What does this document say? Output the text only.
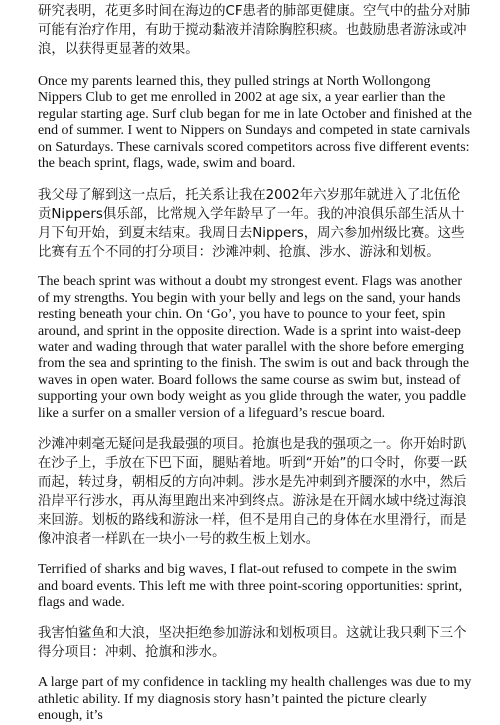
研究表明，花更多时间在海边的CF患者的肺部更健康。空气中的盐分对肺可能有治疗作用，有助于搅动黏液并清除胸腔积痰。也鼓励患者游泳或冲浪，以获得更显著的效果。

Once my parents learned this, they pulled strings at North Wollongong Nippers Club to get me enrolled in 2002 at age six, a year earlier than the regular starting age. Surf club began for me in late October and finished at the end of summer. I went to Nippers on Sundays and competed in state carnivals on Saturdays. These carnivals scored competitors across five different events: the beach sprint, flags, wade, swim and board.

我父母了解到这一点后，托关系让我在2002年六岁那年就进入了北伍伦贡Nippers俱乐部，比常规入学年龄早了一年。我的冲浪俱乐部生活从十月下旬开始，到夏末结束。我周日去Nippers，周六参加州级比赛。这些比赛有五个不同的打分项目：沙滩冲刺、抢旗、涉水、游泳和划板。

The beach sprint was without a doubt my strongest event. Flags was another of my strengths. You begin with your belly and legs on the sand, your hands resting beneath your chin. On ‘Go’, you have to pounce to your feet, spin around, and sprint in the opposite direction. Wade is a sprint into waist-deep water and wading through that water parallel with the shore before emerging from the sea and sprinting to the finish. The swim is out and back through the waves in open water. Board follows the same course as swim but, instead of supporting your own body weight as you glide through the water, you paddle like a surfer on a smaller version of a lifeguard’s rescue board.

沙滩冲刺毫无疑问是我最强的项目。抢旗也是我的强项之一。你开始时趴在沙子上，手放在下巴下面，腿贴着地。听到“开始”的口令时，你要一跃而起，转过身，朝相反的方向冲刺。涉水是先冲刺到齐腰深的水中，然后沿岸平行涉水，再从海里跑出来冲到终点。游泳是在开阔水域中绕过海浪来回游。划板的路线和游泳一样，但不是用自己的身体在水里滑行，而是像冲浪者一样趴在一块小一号的救生板上划水。

Terrified of sharks and big waves, I flat-out refused to compete in the swim and board events. This left me with three point-scoring opportunities: sprint, flags and wade.

我害怕鲨鱼和大浪，坚决拒绝参加游泳和划板项目。这就让我只剩下三个得分项目：冲刺、抢旗和涉水。

A large part of my confidence in tackling my health challenges was due to my athletic ability. If my diagnosis story hasn’t painted the picture clearly enough, it’s
